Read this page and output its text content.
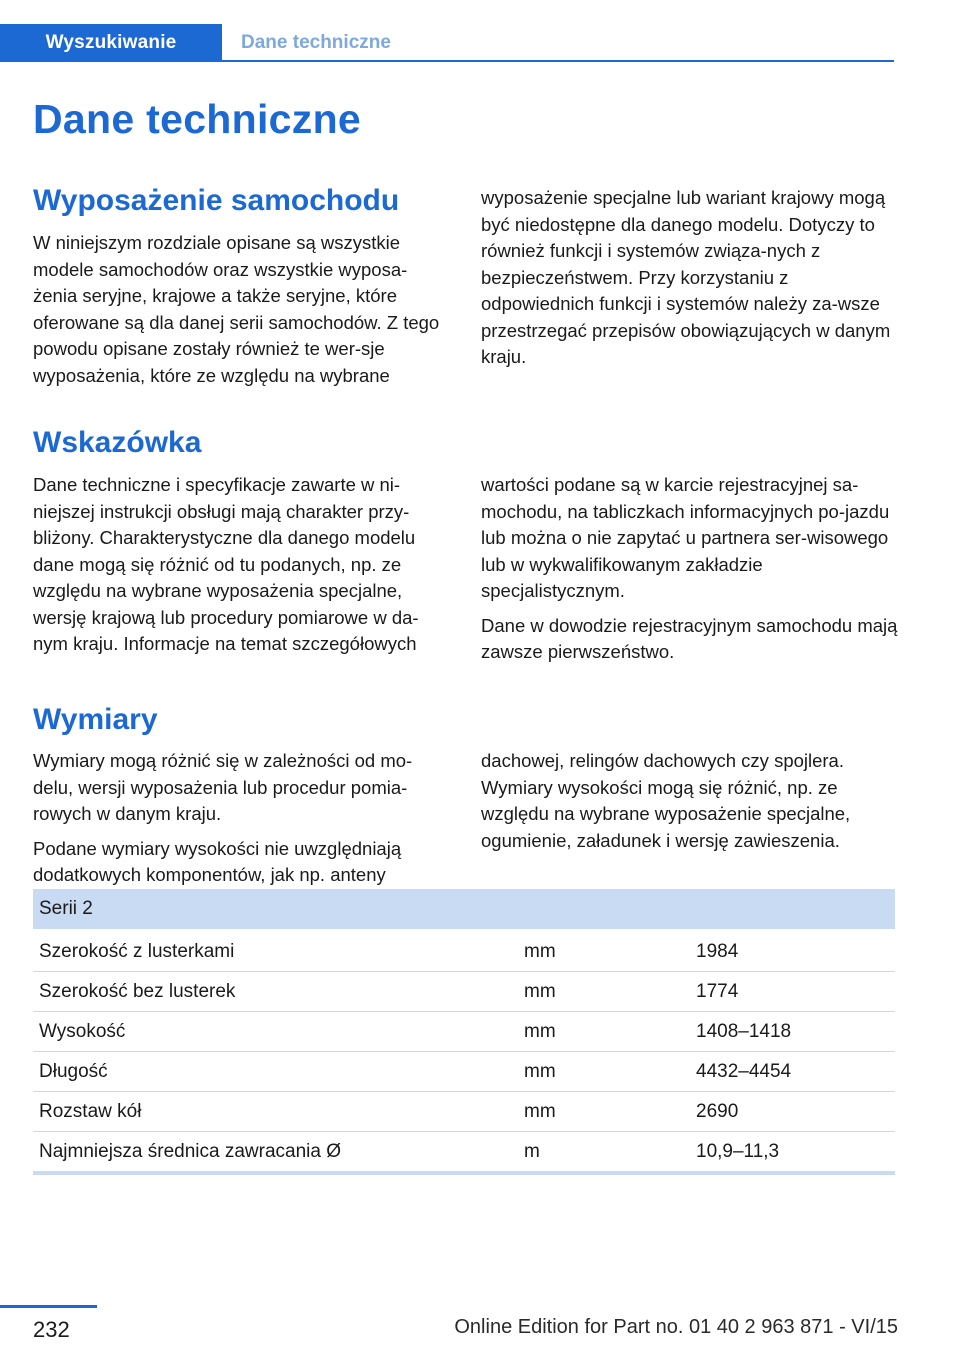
Wyszukiwanie	Dane techniczne
Dane techniczne
Wyposażenie samochodu

W niniejszym rozdziale opisane są wszystkie modele samochodów oraz wszystkie wyposa‐żenia seryjne, krajowe a także seryjne, które oferowane są dla danej serii samochodów. Z tego powodu opisane zostały również te wer‐sje wyposażenia, które ze względu na wybrane

wyposażenie specjalne lub wariant krajowy mogą być niedostępne dla danego modelu. Dotyczy to również funkcji i systemów związa‐nych z bezpieczeństwem. Przy korzystaniu z odpowiednich funkcji i systemów należy za‐wsze przestrzegać przepisów obowiązujących w danym kraju.

Wskazówka

Dane techniczne i specyfikacje zawarte w ni‐niejszej instrukcji obsługi mają charakter przy‐bliżony. Charakterystyczne dla danego modelu dane mogą się różnić od tu podanych, np. ze względu na wybrane wyposażenia specjalne, wersję krajową lub procedury pomiarowe w da‐nym kraju. Informacje na temat szczegółowych

wartości podane są w karcie rejestracyjnej sa‐mochodu, na tabliczkach informacyjnych po‐jazdu lub można o nie zapytać u partnera ser‐wisowego lub w wykwalifikowanym zakładzie specjalistycznym.

Dane w dowodzie rejestracyjnym samochodu mają zawsze pierwszeństwo.

Wymiary

Wymiary mogą różnić się w zależności od mo‐delu, wersji wyposażenia lub procedur pomia‐rowych w danym kraju.

Podane wymiary wysokości nie uwzględniają dodatkowych komponentów, jak np. anteny

dachowej, relingów dachowych czy spojlera. Wymiary wysokości mogą się różnić, np. ze względu na wybrane wyposażenie specjalne, ogumienie, załadunek i wersję zawieszenia.

Serii 2		
Szerokość z lusterkami	mm	1984
Szerokość bez lusterek	mm	1774
Wysokość	mm	1408–1418
Długość	mm	4432–4454
Rozstaw kół	mm	2690
Najmniejsza średnica zawracania Ø	m	10,9–11,3
232	Online Edition for Part no. 01 40 2 963 871 - VI/15
